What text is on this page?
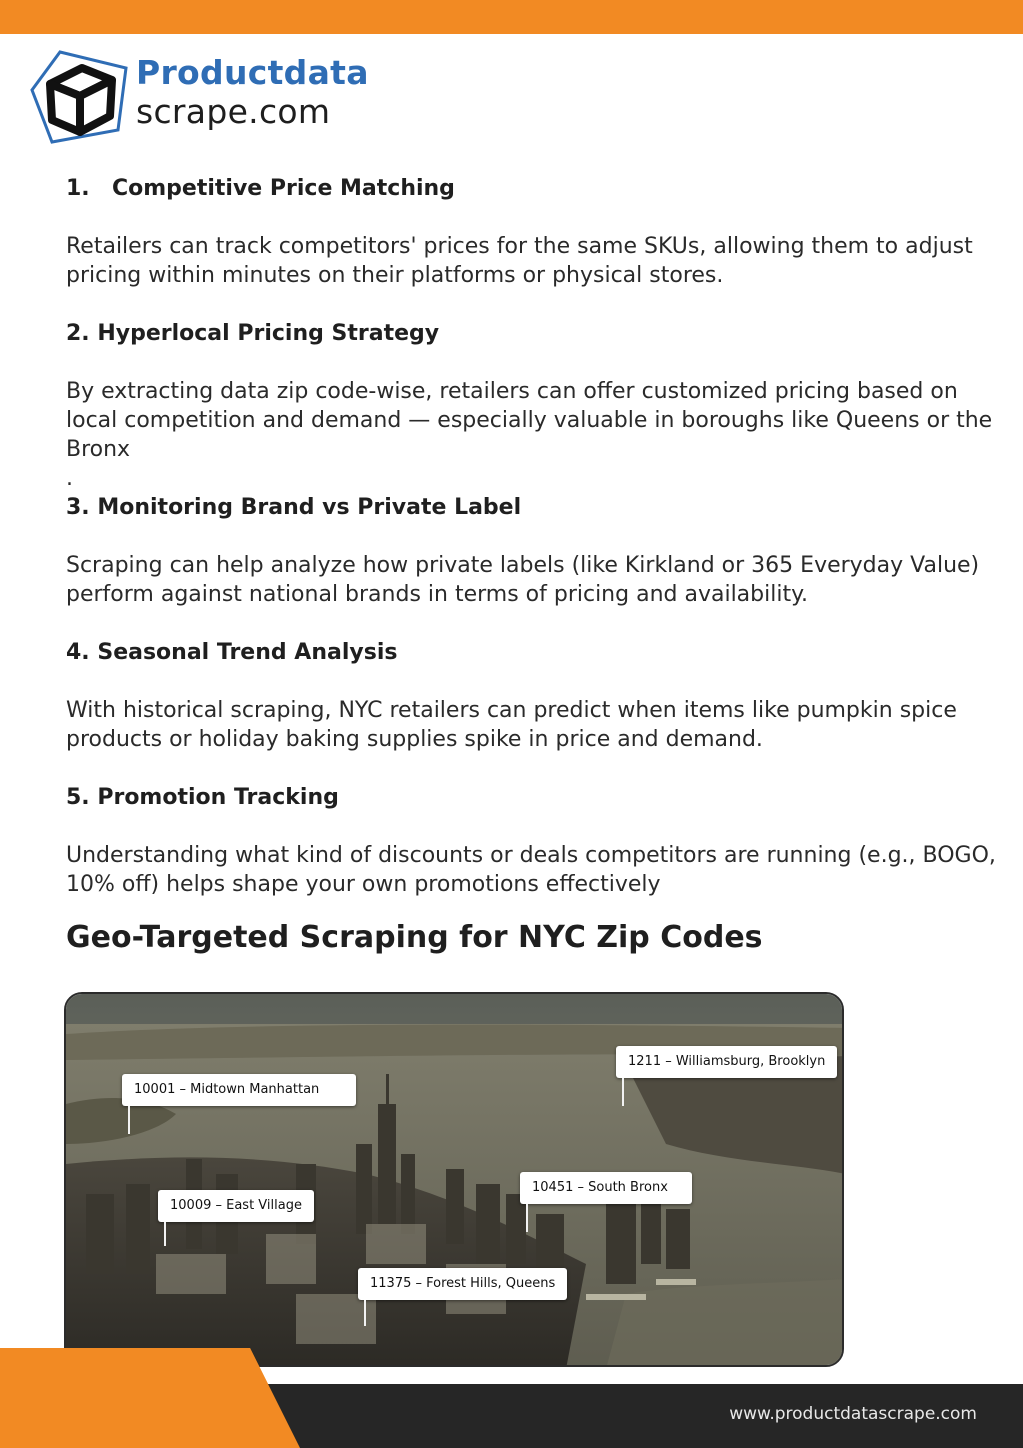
Productdata
scrape.com

1. Competitive Price Matching

Retailers can track competitors' prices for the same SKUs, allowing them to adjust pricing within minutes on their platforms or physical stores.

2. Hyperlocal Pricing Strategy

By extracting data zip code-wise, retailers can offer customized pricing based on local competition and demand — especially valuable in boroughs like Queens or the Bronx

.

3. Monitoring Brand vs Private Label

Scraping can help analyze how private labels (like Kirkland or 365 Everyday Value) perform against national brands in terms of pricing and availability.

4. Seasonal Trend Analysis

With historical scraping, NYC retailers can predict when items like pumpkin spice products or holiday baking supplies spike in price and demand.

5. Promotion Tracking

Understanding what kind of discounts or deals competitors are running (e.g., BOGO, 10% off) helps shape your own promotions effectively

Geo-Targeted Scraping for NYC Zip Codes
1211 – Williamsburg, Brooklyn
10001 – Midtown Manhattan
10451 – South Bronx
10009 – East Village
11375 – Forest Hills, Queens
www.productdatascrape.com
